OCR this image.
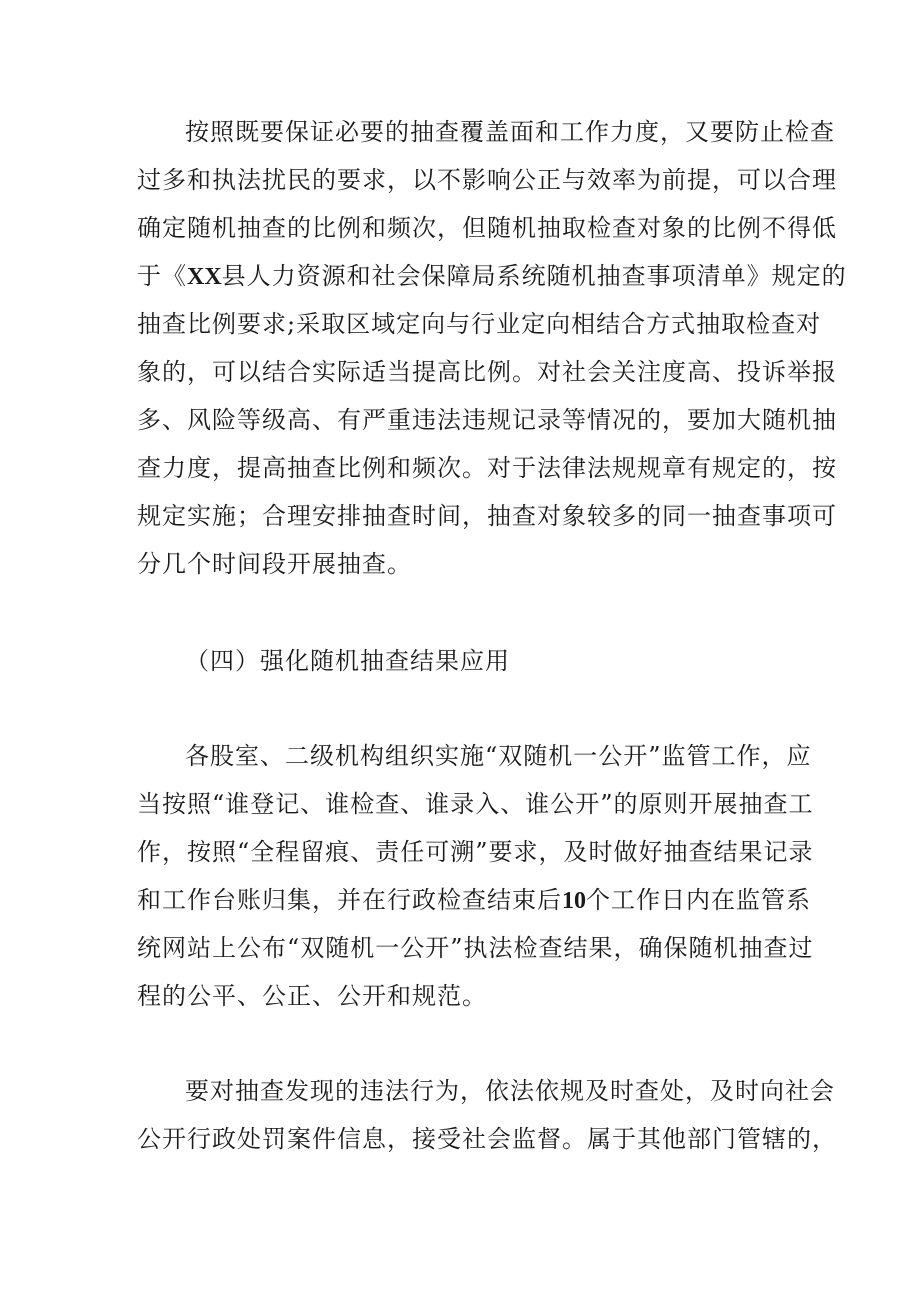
按照既要保证必要的抽查覆盖面和工作力度，又要防止检查
过多和执法扰民的要求，以不影响公正与效率为前提，可以合理
确定随机抽查的比例和频次，但随机抽取检查对象的比例不得低
于《XX县人力资源和社会保障局系统随机抽查事项清单》规定的
抽查比例要求;采取区域定向与行业定向相结合方式抽取检查对
象的，可以结合实际适当提高比例。对社会关注度高、投诉举报
多、风险等级高、有严重违法违规记录等情况的，要加大随机抽
查力度，提高抽查比例和频次。对于法律法规规章有规定的，按
规定实施；合理安排抽查时间，抽查对象较多的同一抽查事项可
分几个时间段开展抽查。
（四）强化随机抽查结果应用
各股室、二级机构组织实施“双随机一公开”监管工作，应
当按照“谁登记、谁检查、谁录入、谁公开”的原则开展抽查工
作，按照“全程留痕、责任可溯”要求，及时做好抽查结果记录
和工作台账归集，并在行政检查结束后10个工作日内在监管系
统网站上公布“双随机一公开”执法检查结果，确保随机抽查过
程的公平、公正、公开和规范。
要对抽查发现的违法行为，依法依规及时查处，及时向社会
公开行政处罚案件信息，接受社会监督。属于其他部门管辖的，
